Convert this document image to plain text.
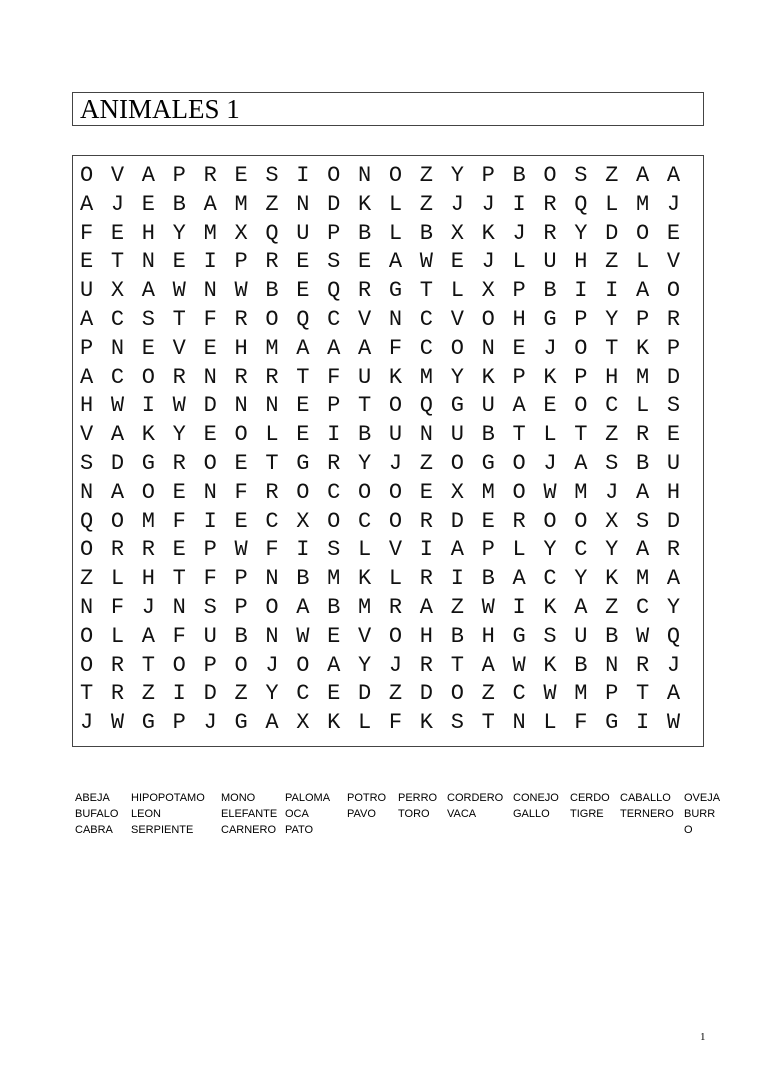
ANIMALES 1
O V A P R E S I O N O Z Y P B O S Z A A
A J E B A M Z N D K L Z J J I R Q L M J
F E H Y M X Q U P B L B X K J R Y D O E
E T N E I P R E S E A W E J L U H Z L V
U X A W N W B E Q R G T L X P B I I A O
A C S T F R O Q C V N C V O H G P Y P R
P N E V E H M A A A F C O N E J O T K P
A C O R N R R T F U K M Y K P K P H M D
H W I W D N N E P T O Q G U A E O C L S
V A K Y E O L E I B U N U B T L T Z R E
S D G R O E T G R Y J Z O G O J A S B U
N A O E N F R O C O O E X M O W M J A H
Q O M F I E C X O C O R D E R O O X S D
O R R E P W F I S L V I A P L Y C Y A R
Z L H T F P N B M K L R I B A C Y K M A
N F J N S P O A B M R A Z W I K A Z C Y
O L A F U B N W E V O H B H G S U B W Q
O R T O P O J O A Y J R T A W K B N R J
T R Z I D Z Y C E D Z D O Z C W M P T A
J W G P J G A X K L F K S T N L F G I W
ABEJA
BUFALO
CABRA
HIPOPOTAMO
LEON
SERPIENTE
MONO
ELEFANTE
CARNERO
PALOMA
OCA
PATO
POTRO
PAVO
PERRO
TORO
CORDERO
VACA
CONEJO
GALLO
CERDO
TIGRE
CABALLO
TERNERO
OVEJA
BURR
O
1
